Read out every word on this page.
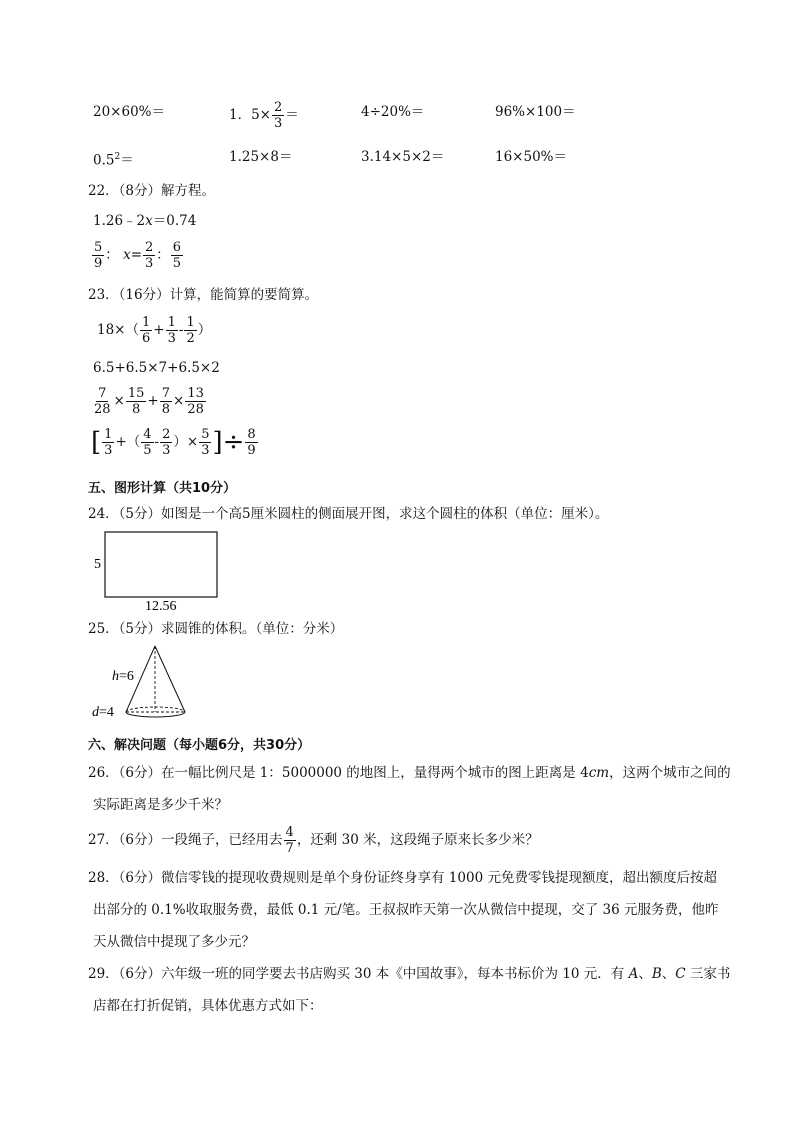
20×60%＝	1．$5\times \frac{2}{3}$ ＝	4÷20%＝	96%×100＝
$0.5^2=$	1.25×8＝	3.14×5×2＝	16×50%＝
22．（8分）解方程。
1.26﹣2x＝0.74
$\frac{5}{9}$ ： $x= \frac{2}{3}$ ： $\frac{6}{5}$
23．（16分）计算，能简算的要简算。
$18\times( \frac{1}{6} + \frac{1}{3} - \frac{1}{2}$ ）
6.5+6.5×7+6.5×2
$\frac{7}{28} \times \frac{15}{8} + \frac{7}{8} \times \frac{13}{28}$
[ $\frac{1}{3}$ +（ $\frac{4}{5} - \frac{2}{3}$ ）× $\frac{5}{3}$ ]÷ $\frac{8}{9}$
五、图形计算（共10分）
24．（5分）如图是一个高5厘米圆柱的侧面展开图，求这个圆柱的体积（单位：厘米）。
5
12.56
25．（5分）求圆锥的体积。（单位：分米）
h=6
d=4
六、解决问题（每小题6分，共30分）
26．（6分）在一幅比例尺是 1：5000000 的地图上，量得两个城市的图上距离是 4cm，这两个城市之间的
实际距离是多少千米？
27．（6分）一段绳子，已经用去 $\frac{4}{7}$ ，还剩 30 米，这段绳子原来长多少米？
28．（6分）微信零钱的提现收费规则是单个身份证终身享有 1000 元免费零钱提现额度，超出额度后按超
出部分的 0.1%收取服务费，最低 0.1 元/笔。王叔叔昨天第一次从微信中提现，交了 36 元服务费，他昨
天从微信中提现了多少元？
29．（6分）六年级一班的同学要去书店购买 30 本《中国故事》，每本书标价为 10 元．有 A、B、C 三家书
店都在打折促销，具体优惠方式如下：
